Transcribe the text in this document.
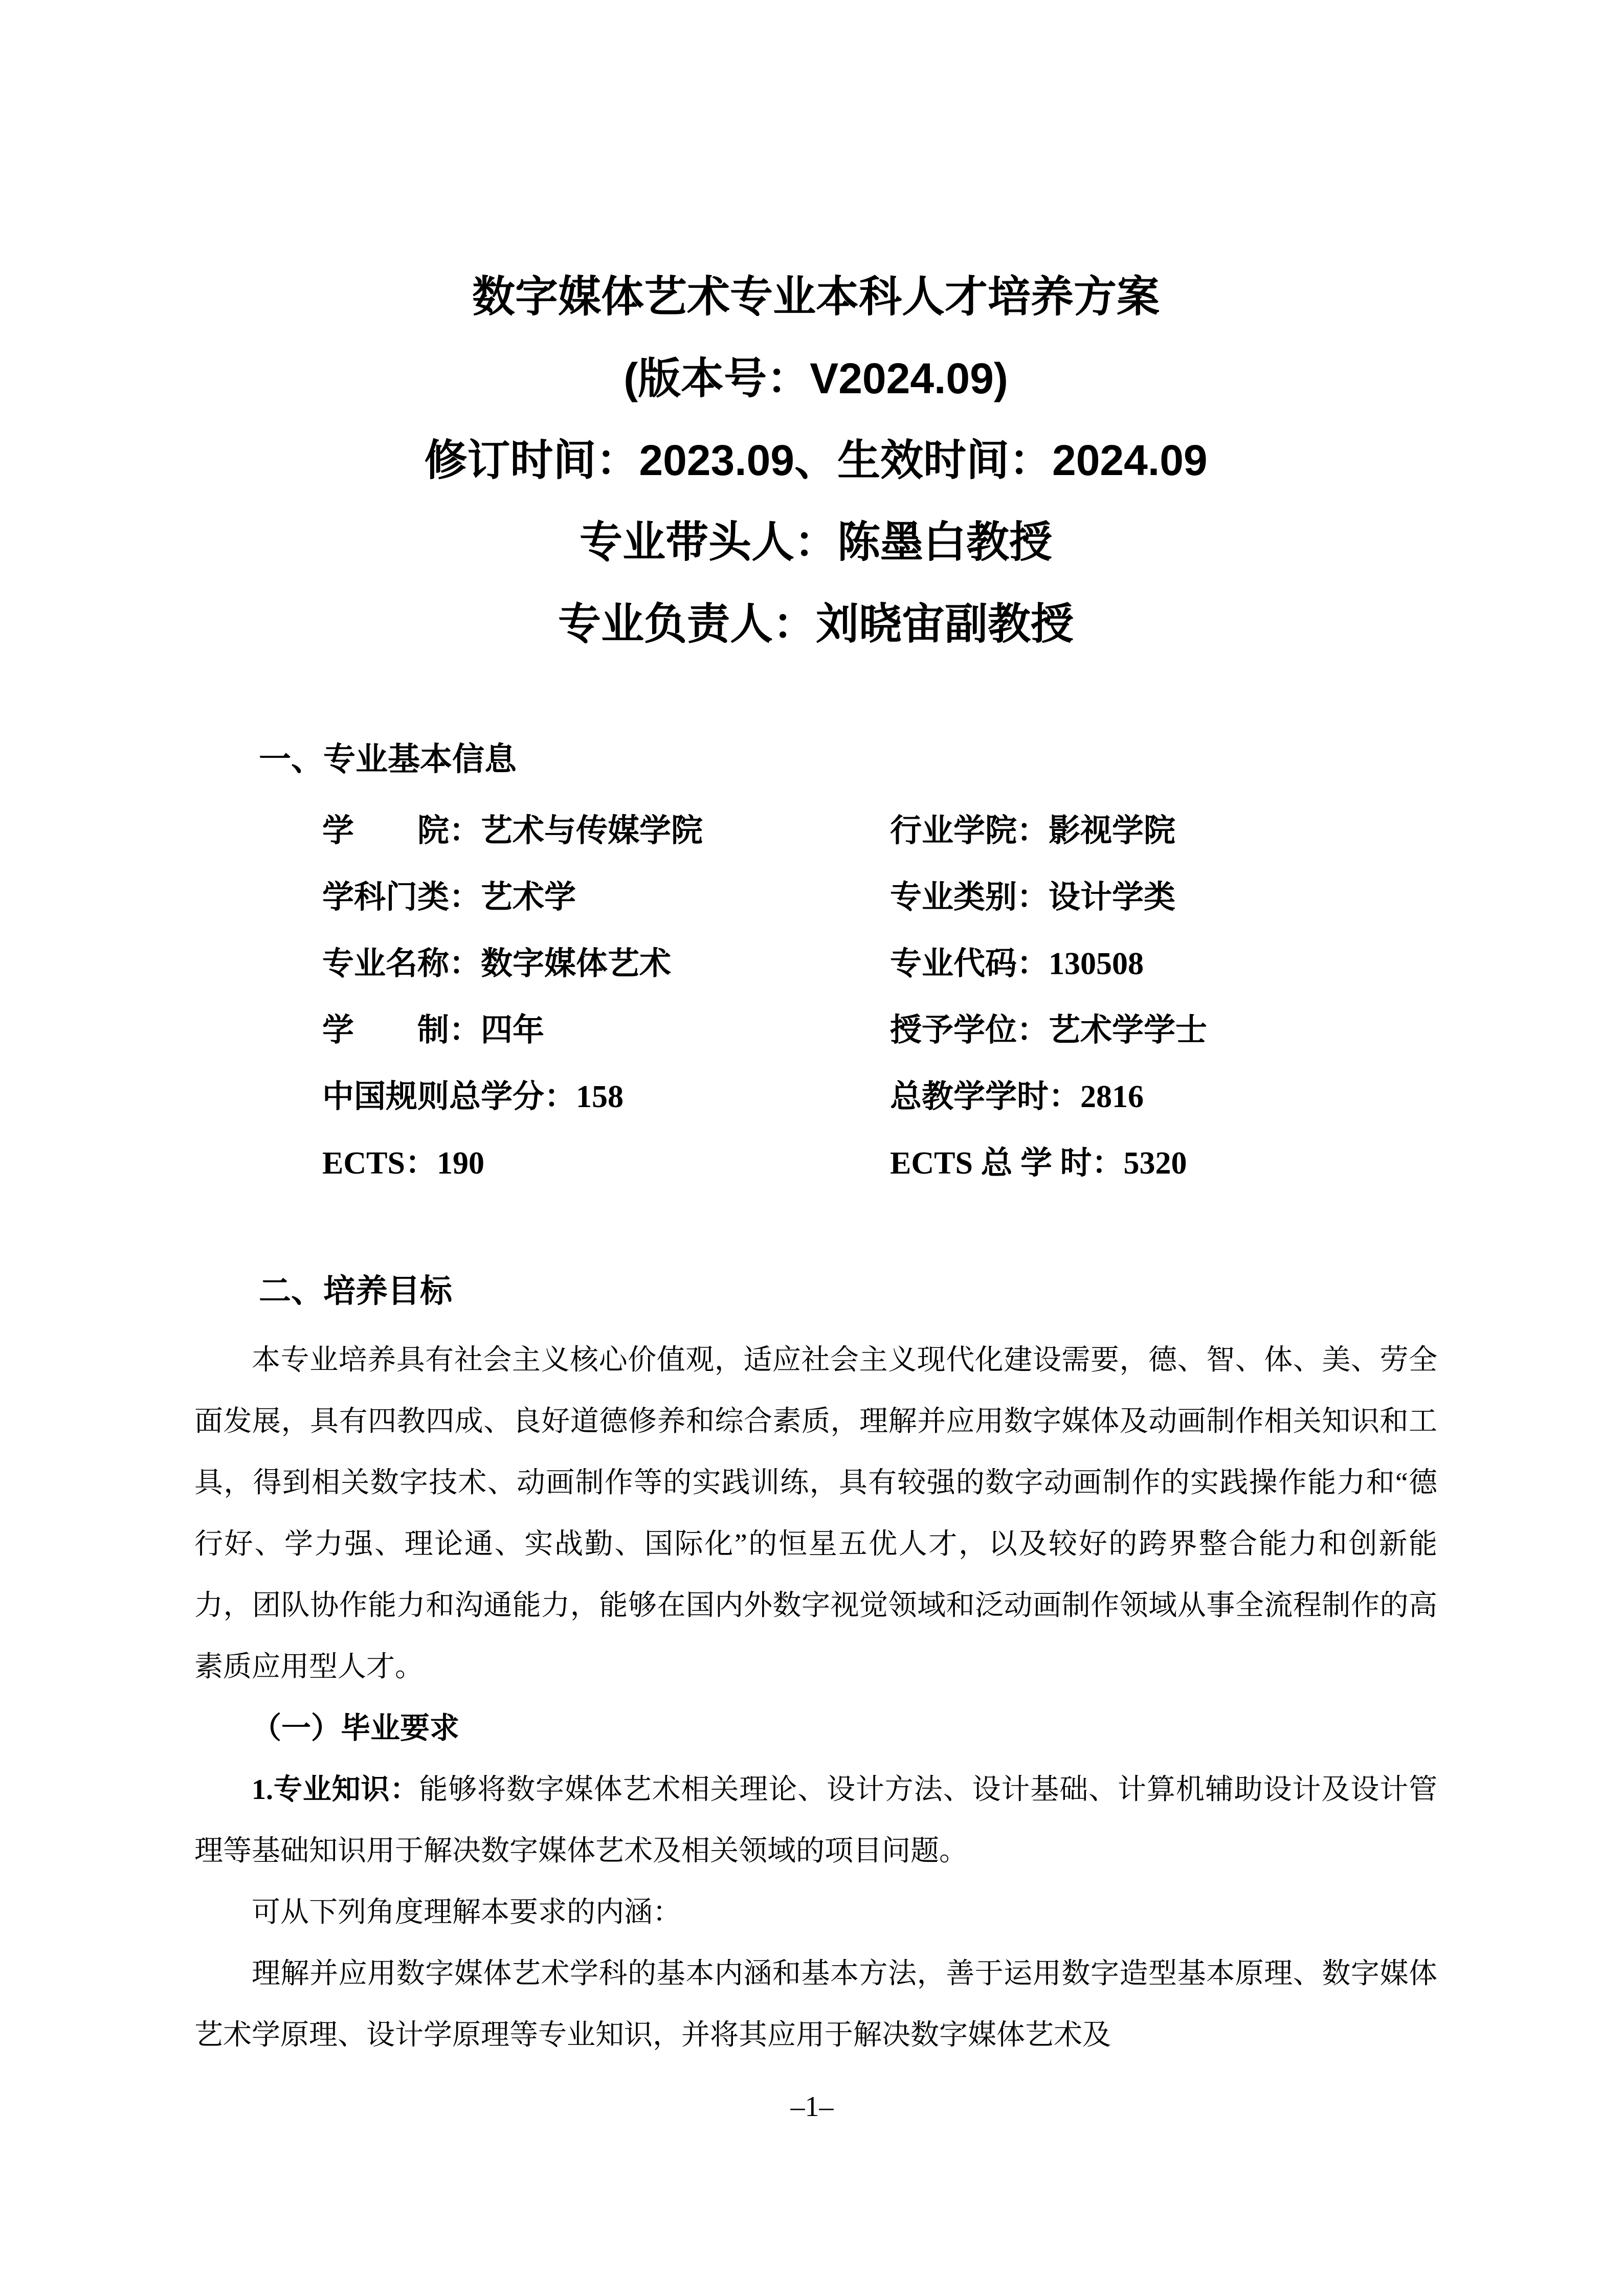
数字媒体艺术专业本科人才培养方案
(版本号：V2024.09)
修订时间：2023.09、生效时间：2024.09
专业带头人：陈墨白教授
专业负责人：刘晓宙副教授
一、专业基本信息
学　　院：艺术与传媒学院	行业学院：影视学院
学科门类：艺术学	专业类别：设计学类
专业名称：数字媒体艺术	专业代码：130508
学　　制：四年	授予学位：艺术学学士
中国规则总学分：158	总教学学时：2816
ECTS：190	ECTS 总 学 时：5320
二、培养目标

本专业培养具有社会主义核心价值观，适应社会主义现代化建设需要，德、智、体、美、劳全面发展，具有四教四成、良好道德修养和综合素质，理解并应用数字媒体及动画制作相关知识和工具，得到相关数字技术、动画制作等的实践训练，具有较强的数字动画制作的实践操作能力和“德行好、学力强、理论通、实战勤、国际化”的恒星五优人才，以及较好的跨界整合能力和创新能力，团队协作能力和沟通能力，能够在国内外数字视觉领域和泛动画制作领域从事全流程制作的高素质应用型人才。

（一）毕业要求

1.专业知识：能够将数字媒体艺术相关理论、设计方法、设计基础、计算机辅助设计及设计管理等基础知识用于解决数字媒体艺术及相关领域的项目问题。

可从下列角度理解本要求的内涵：

理解并应用数字媒体艺术学科的基本内涵和基本方法，善于运用数字造型基本原理、数字媒体艺术学原理、设计学原理等专业知识，并将其应用于解决数字媒体艺术及

–1–
